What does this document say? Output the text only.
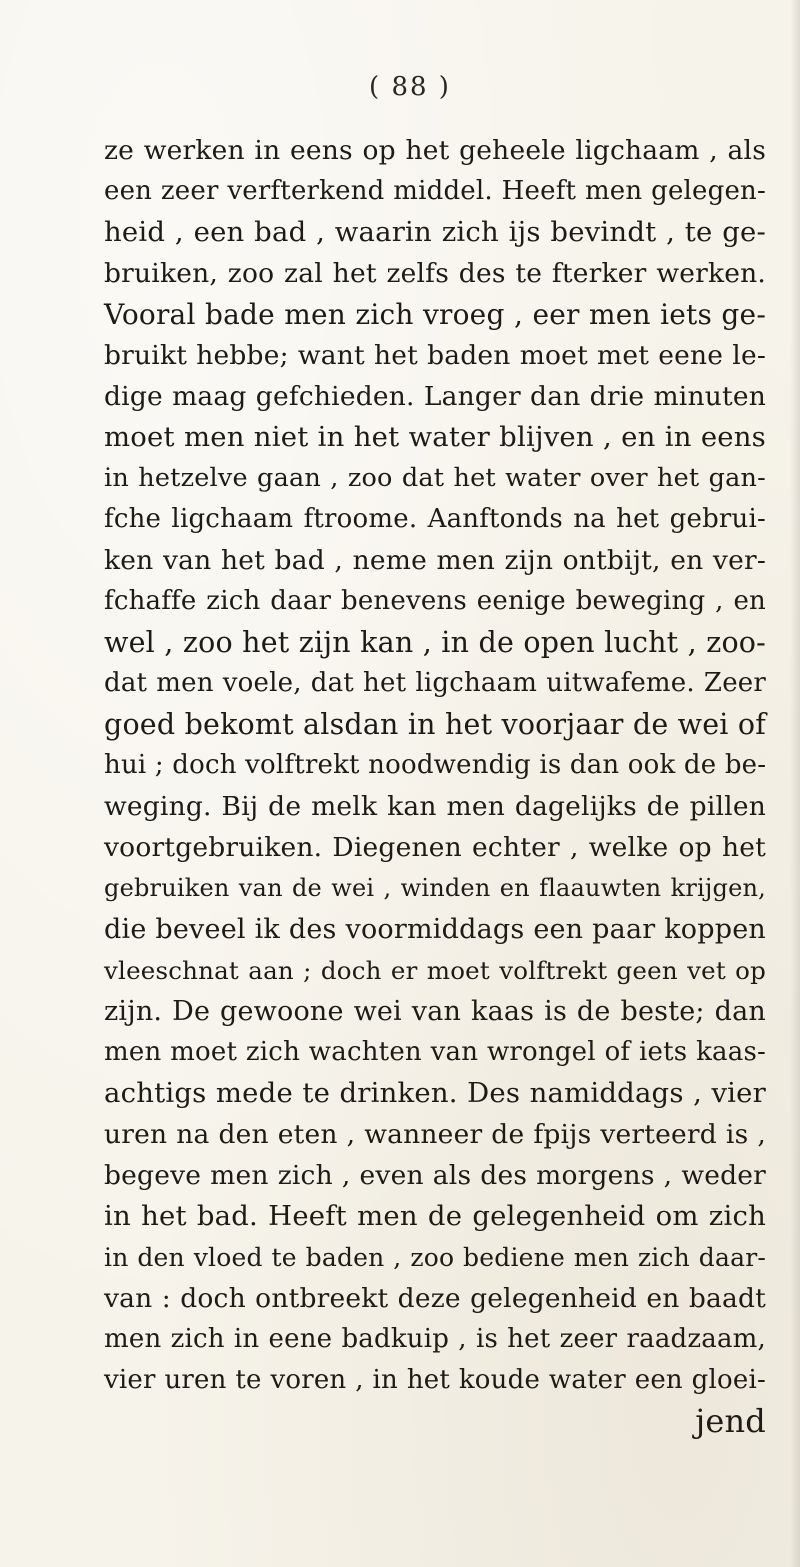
( 88 )
ze werken in eens op het geheele ligchaam , als
een zeer verfterkend middel. Heeft men gelegen-
heid , een bad , waarin zich ijs bevindt , te ge-
bruiken, zoo zal het zelfs des te fterker werken.
Vooral bade men zich vroeg , eer men iets ge-
bruikt hebbe; want het baden moet met eene le-
dige maag gefchieden. Langer dan drie minuten
moet men niet in het water blijven , en in eens
in hetzelve gaan , zoo dat het water over het gan-
fche ligchaam ftroome. Aanftonds na het gebrui-
ken van het bad , neme men zijn ontbijt, en ver-
fchaffe zich daar benevens eenige beweging , en
wel , zoo het zijn kan , in de open lucht , zoo-
dat men voele, dat het ligchaam uitwafeme. Zeer
goed bekomt alsdan in het voorjaar de wei of
hui ; doch volftrekt noodwendig is dan ook de be-
weging. Bij de melk kan men dagelijks de pillen
voortgebruiken. Diegenen echter , welke op het
gebruiken van de wei , winden en flaauwten krijgen,
die beveel ik des voormiddags een paar koppen
vleeschnat aan ; doch er moet volftrekt geen vet op
zijn. De gewoone wei van kaas is de beste; dan
men moet zich wachten van wrongel of iets kaas-
achtigs mede te drinken. Des namiddags , vier
uren na den eten , wanneer de fpijs verteerd is ,
begeve men zich , even als des morgens , weder
in het bad. Heeft men de gelegenheid om zich
in den vloed te baden , zoo bediene men zich daar-
van : doch ontbreekt deze gelegenheid en baadt
men zich in eene badkuip , is het zeer raadzaam,
vier uren te voren , in het koude water een gloei-
jend
